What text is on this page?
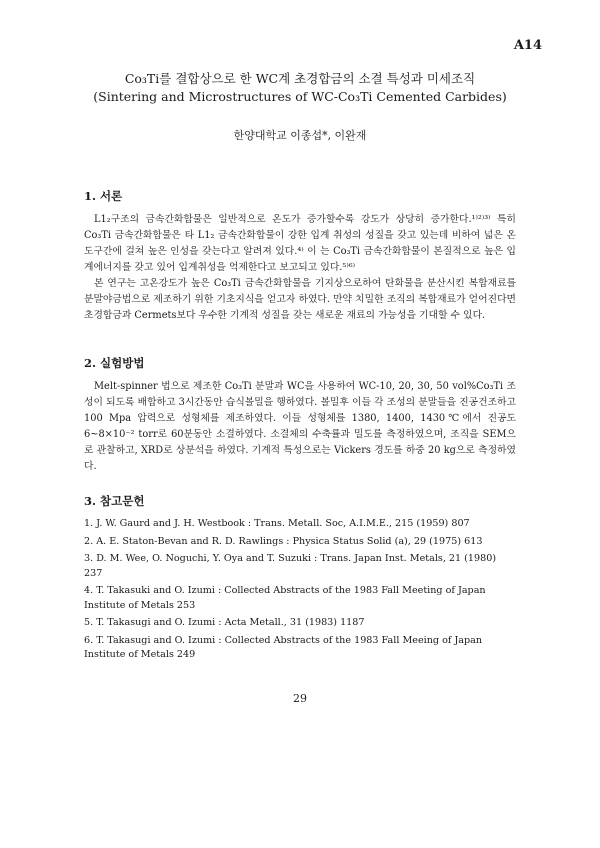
A14
Co₃Ti를 결합상으로 한 WC계 초경합금의 소결 특성과 미세조직
(Sintering and Microstructures of WC-Co₃Ti Cemented Carbides)
한양대학교 이종섭*, 이완재
1. 서론

L1₂구조의 금속간화합물은 일반적으로 온도가 증가할수록 강도가 상당히 증가한다.¹⁾²⁾³⁾ 특히 Co₃Ti 금속간화합물은 타 L1₂ 금속간화합물이 강한 입계 취성의 성질을 갖고 있는데 비하여 넓은 온도구간에 걸쳐 높은 인성을 갖는다고 알려져 있다.⁴⁾ 이 는 Co₃Ti 금속간화합물이 본질적으로 높은 입계에너지를 갖고 있어 입계취성을 억제한다고 보고되고 있다.⁵⁾⁶⁾

본 연구는 고온강도가 높은 Co₃Ti 금속간화합물을 기지상으로하여 탄화물을 분산시킨 복합재료를 분말야금법으로 제조하기 위한 기초지식을 얻고자 하였다. 만약 치밀한 조직의 복합재료가 얻어진다면 초경합금과 Cermets보다 우수한 기계적 성질을 갖는 새로운 재료의 가능성을 기대할 수 있다.

2. 실험방법

Melt-spinner 법으로 제조한 Co₃Ti 분말과 WC을 사용하여 WC-10, 20, 30, 50 vol%Co₃Ti 조성이 되도록 배합하고 3시간동안 습식볼밀을 행하였다. 볼밀후 이들 각 조성의 분말들을 진공건조하고 100 Mpa 압력으로 성형체를 제조하였다. 이들 성형체를 1380, 1400, 1430℃에서 진공도 6~8×10⁻² torr로 60분동안 소결하였다. 소결체의 수축률과 밀도를 측정하였으며, 조직을 SEM으로 관찰하고, XRD로 상분석을 하였다. 기계적 특성으로는 Vickers 경도를 하중 20 kg으로 측정하였다.

3. 참고문헌
1. J. W. Gaurd and J. H. Westbook : Trans. Metall. Soc, A.I.M.E., 215 (1959) 807
2. A. E. Staton-Bevan and R. D. Rawlings : Physica Status Solid (a), 29 (1975) 613
3. D. M. Wee, O. Noguchi, Y. Oya and T. Suzuki : Trans. Japan Inst. Metals, 21 (1980) 237
4. T. Takasuki and O. Izumi : Collected Abstracts of the 1983 Fall Meeting of Japan Institute of Metals 253
5. T. Takasugi and O. Izumi : Acta Metall., 31 (1983) 1187
6. T. Takasugi and O. Izumi : Collected Abstracts of the 1983 Fall Meeing of Japan Institute of Metals 249
29
